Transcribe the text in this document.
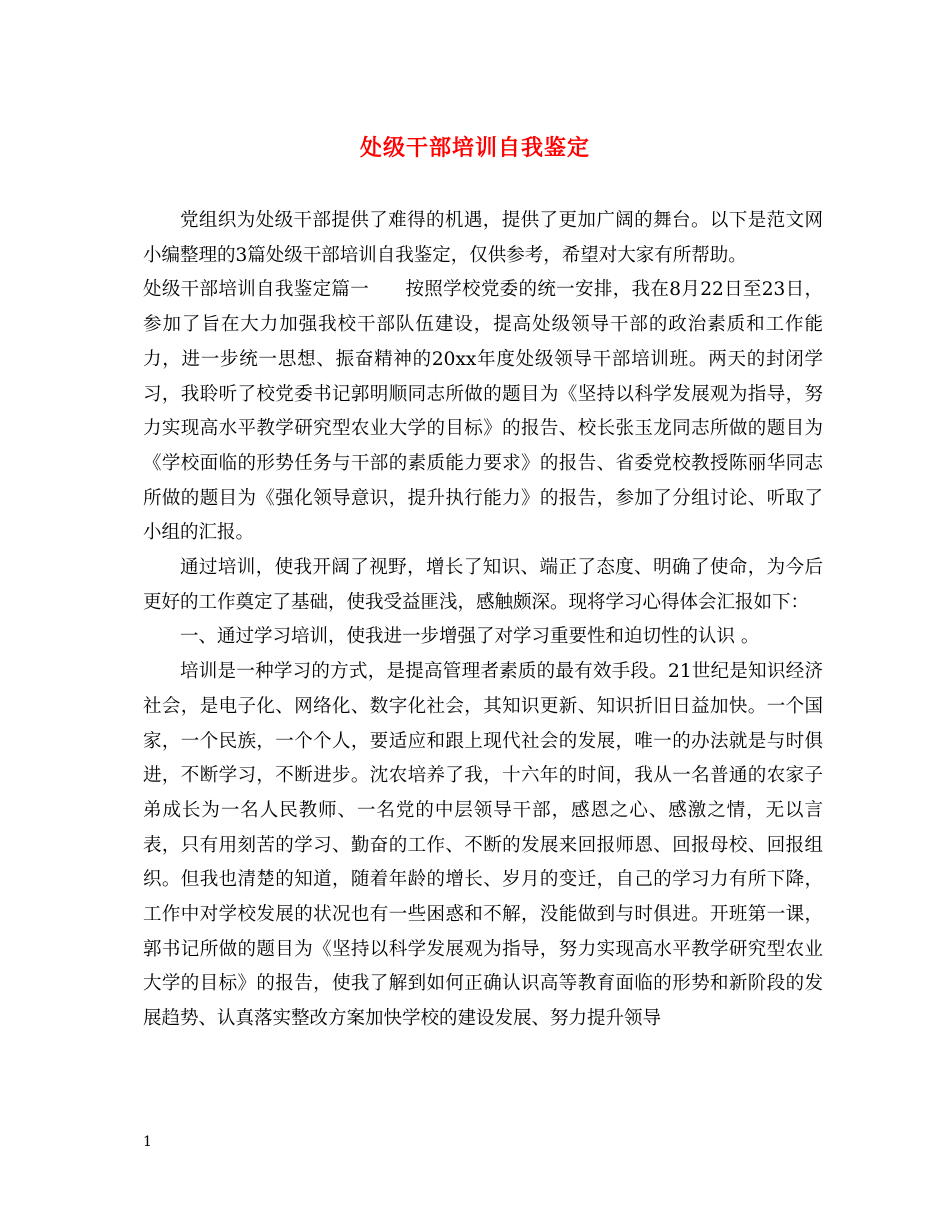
处级干部培训自我鉴定

党组织为处级干部提供了难得的机遇，提供了更加广阔的舞台。以下是范文网小编整理的3篇处级干部培训自我鉴定，仅供参考，希望对大家有所帮助。

处级干部培训自我鉴定篇一 按照学校党委的统一安排，我在8月22日至23日，参加了旨在大力加强我校干部队伍建设，提高处级领导干部的政治素质和工作能力，进一步统一思想、振奋精神的20xx年度处级领导干部培训班。两天的封闭学习，我聆听了校党委书记郭明顺同志所做的题目为《坚持以科学发展观为指导，努力实现高水平教学研究型农业大学的目标》的报告、校长张玉龙同志所做的题目为《学校面临的形势任务与干部的素质能力要求》的报告、省委党校教授陈丽华同志所做的题目为《强化领导意识，提升执行能力》的报告，参加了分组讨论、听取了小组的汇报。

通过培训，使我开阔了视野，增长了知识、端正了态度、明确了使命，为今后更好的工作奠定了基础，使我受益匪浅，感触颇深。现将学习心得体会汇报如下：

一、通过学习培训，使我进一步增强了对学习重要性和迫切性的认识 。

培训是一种学习的方式，是提高管理者素质的最有效手段。21世纪是知识经济社会，是电子化、网络化、数字化社会，其知识更新、知识折旧日益加快。一个国家，一个民族，一个个人，要适应和跟上现代社会的发展，唯一的办法就是与时俱进，不断学习，不断进步。沈农培养了我，十六年的时间，我从一名普通的农家子弟成长为一名人民教师、一名党的中层领导干部，感恩之心、感激之情，无以言表，只有用刻苦的学习、勤奋的工作、不断的发展来回报师恩、回报母校、回报组织。但我也清楚的知道，随着年龄的增长、岁月的变迁，自己的学习力有所下降，工作中对学校发展的状况也有一些困惑和不解，没能做到与时俱进。开班第一课，郭书记所做的题目为《坚持以科学发展观为指导，努力实现高水平教学研究型农业大学的目标》的报告，使我了解到如何正确认识高等教育面临的形势和新阶段的发展趋势、认真落实整改方案加快学校的建设发展、努力提升领导

1
